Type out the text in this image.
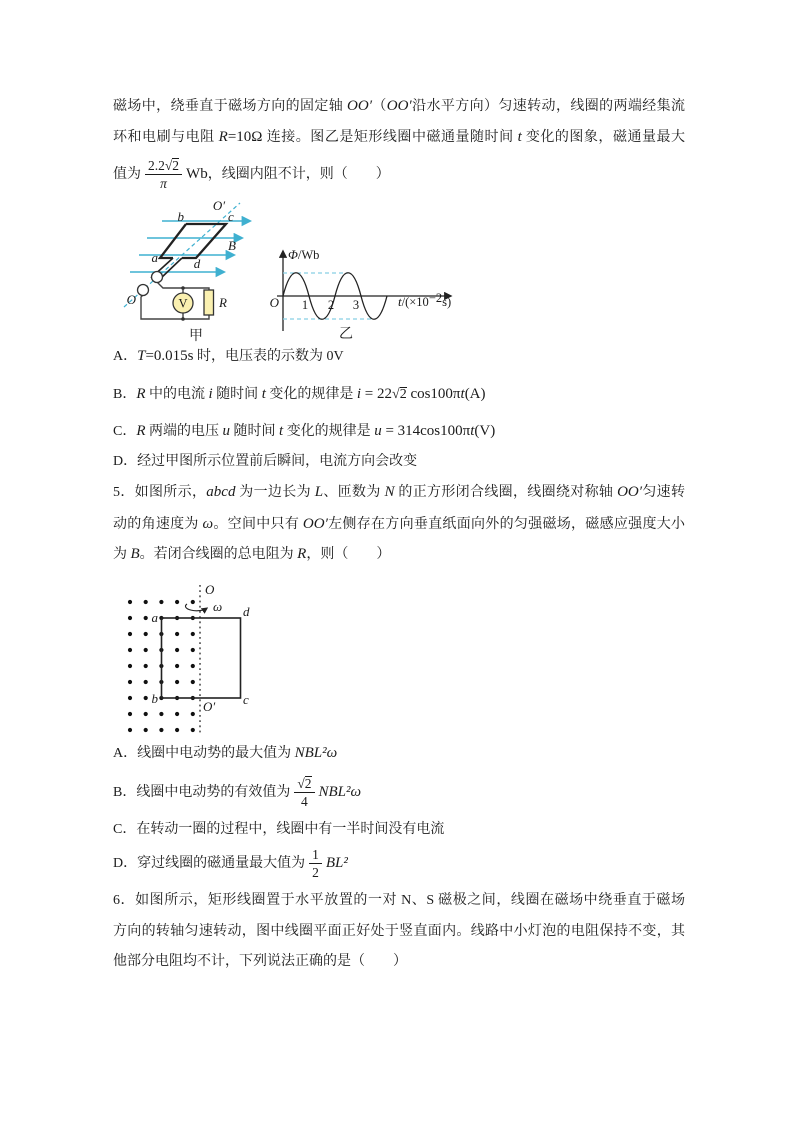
磁场中，绕垂直于磁场方向的固定轴 OO′（OO′沿水平方向）匀速转动，线圈的两端经集流
环和电刷与电阻 R=10Ω 连接。图乙是矩形线圈中磁通量随时间 t 变化的图象，磁通量最大
值为 $\frac{2.2√2}{\pi}$ Wb，线圈内阻不计，则（　　）
V R
O′
O
b	c
a	d
B
甲
O
Φ/Wb
$t/(\times 10^{-2}_{s)}$
1 2 3
乙
A．T=0.015s 时，电压表的示数为 0V
B．R 中的电流 i 随时间 t 变化的规律是 i = 22√2 cos100πt(A)
C．R 两端的电压 u 随时间 t 变化的规律是 u = 314cos100πt(V)
D．经过甲图所示位置前后瞬间，电流方向会改变
5．如图所示，abcd 为一边长为 L、匝数为 N 的正方形闭合线圈，线圈绕对称轴 OO′匀速转
动的角速度为 ω。空间中只有 OO′左侧存在方向垂直纸面向外的匀强磁场，磁感应强度大小
为 B。若闭合线圈的总电阻为 R，则（　　）
O
ω
a	d
b	c
O′
A．线圈中电动势的最大值为 NBL²ω
B．线圈中电动势的有效值为 $\frac{√2}{4} NBL^2\omega$
C．在转动一圈的过程中，线圈中有一半时间没有电流
D．穿过线圈的磁通量最大值为 $\frac{1}{2} BL^2$
6．如图所示，矩形线圈置于水平放置的一对 N、S 磁极之间，线圈在磁场中绕垂直于磁场
方向的转轴匀速转动，图中线圈平面正好处于竖直面内。线路中小灯泡的电阻保持不变，其
他部分电阻均不计，下列说法正确的是（　　）
